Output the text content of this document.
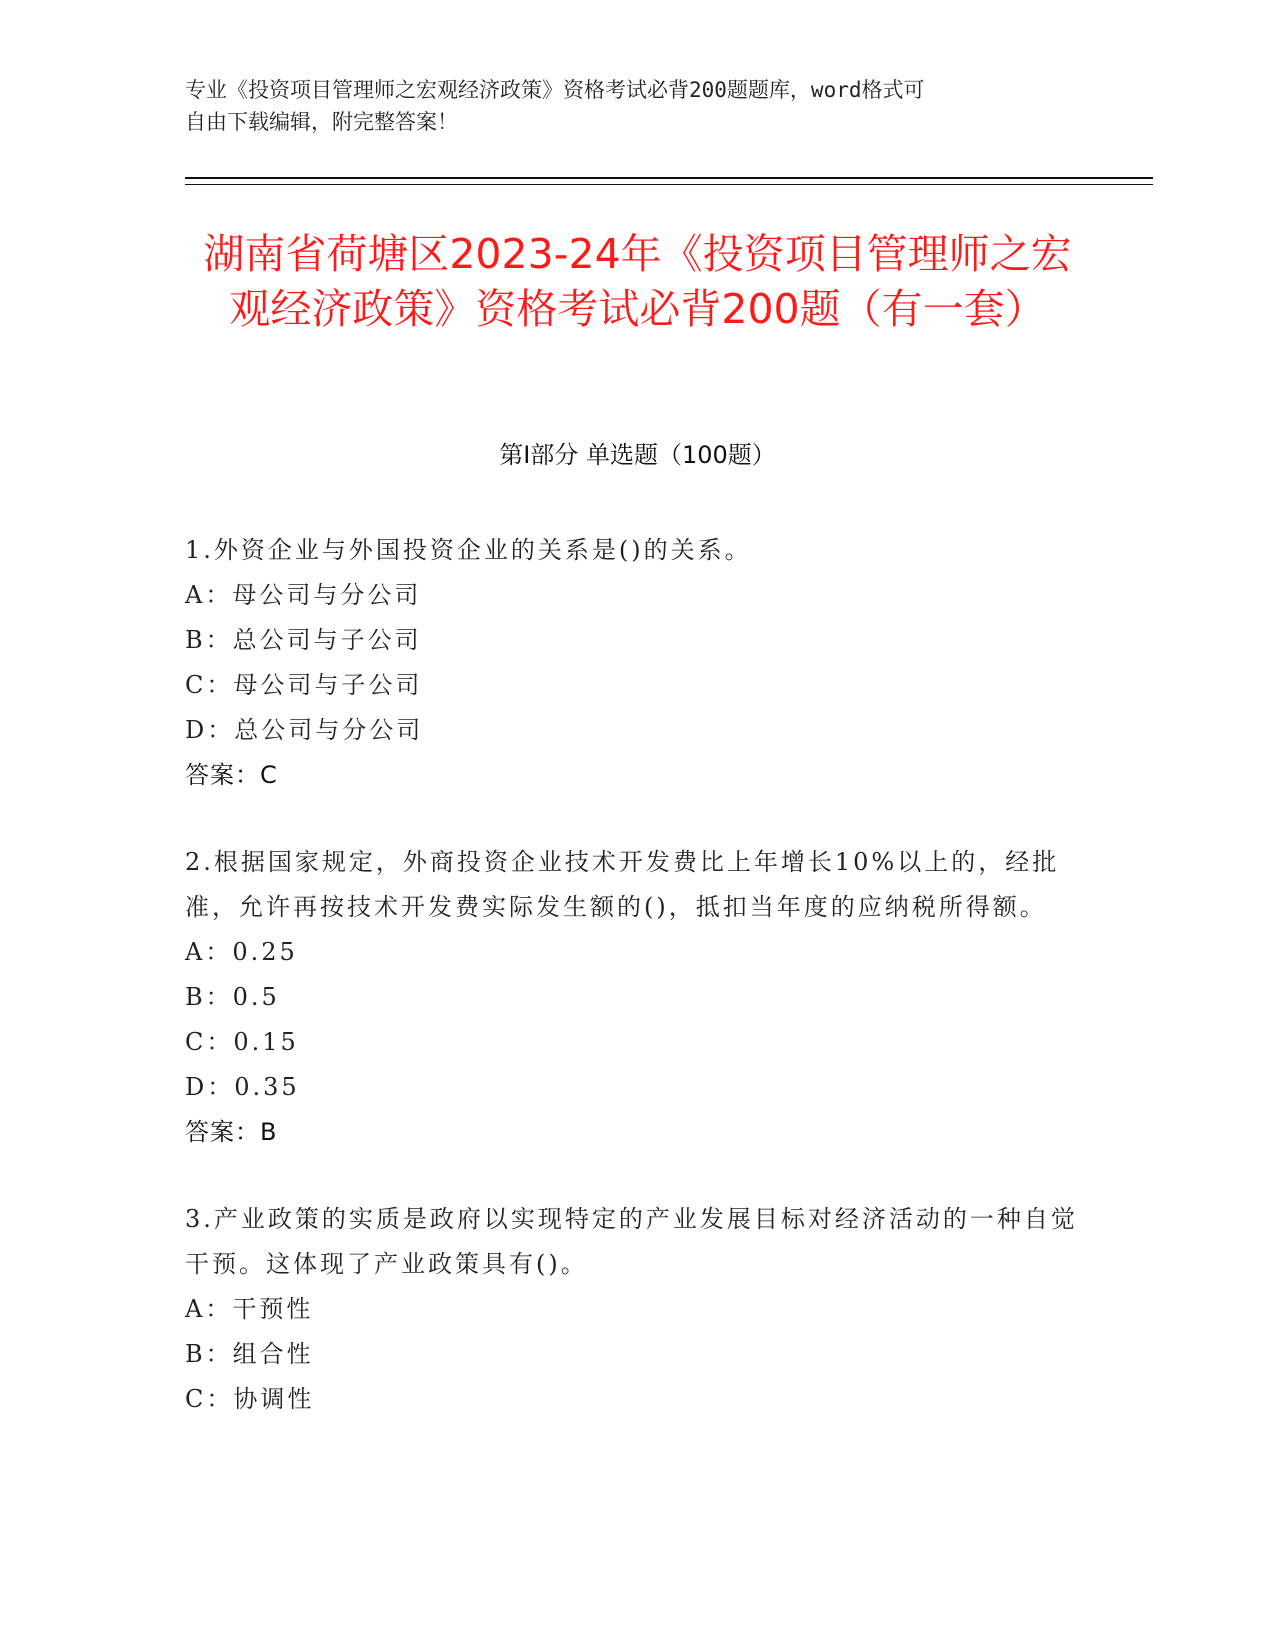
专业《投资项目管理师之宏观经济政策》资格考试必背200题题库，word格式可
自由下载编辑，附完整答案！
湖南省荷塘区2023-24年《投资项目管理师之宏观经济政策》资格考试必背200题（有一套）
第I部分 单选题（100题）
1.外资企业与外国投资企业的关系是()的关系。
A：母公司与分公司
B：总公司与子公司
C：母公司与子公司
D：总公司与分公司
答案：C
2.根据国家规定，外商投资企业技术开发费比上年增长10%以上的，经批准，允许再按技术开发费实际发生额的()，抵扣当年度的应纳税所得额。
A：0.25
B：0.5
C：0.15
D：0.35
答案：B
3.产业政策的实质是政府以实现特定的产业发展目标对经济活动的一种自觉干预。这体现了产业政策具有()。
A：干预性
B：组合性
C：协调性
